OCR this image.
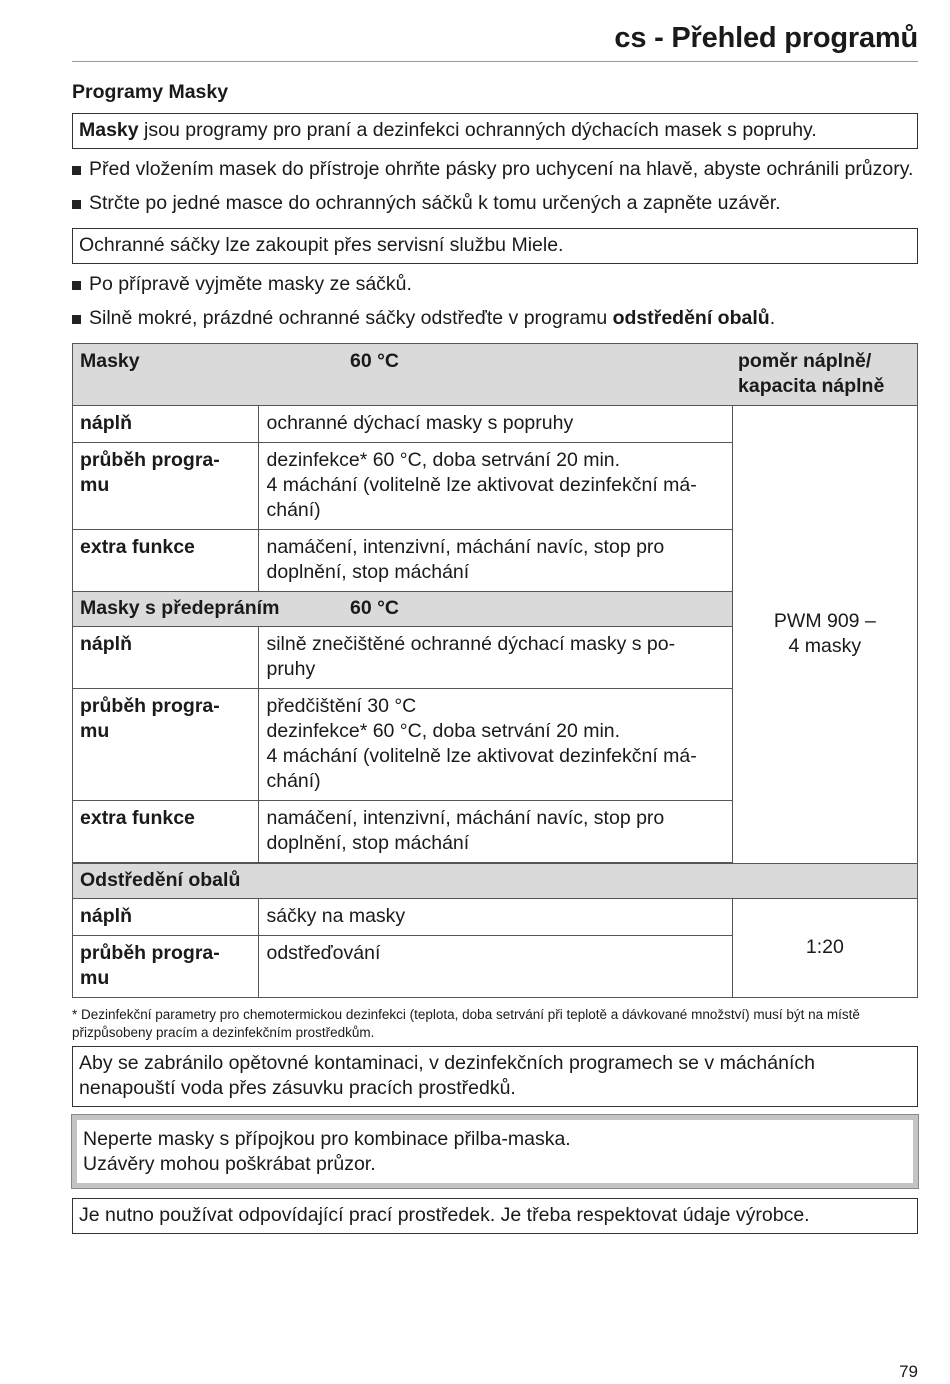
cs - Přehled programů
Programy Masky
Masky jsou programy pro praní a dezinfekci ochranných dýchacích masek s popruhy.
Před vložením masek do přístroje ohrňte pásky pro uchycení na hlavě, abyste ochránili průzory.
Strčte po jedné masce do ochranných sáčků k tomu určených a zapněte uzávěr.
Ochranné sáčky lze zakoupit přes servisní službu Miele.
Po přípravě vyjměte masky ze sáčků.
Silně mokré, prázdné ochranné sáčky odstřeďte v programu odstředění obalů.
Masky 60 °C poměr náplně/
kapacita náplně		

náplň	ochranné dýchací masky s popruhy	PWM 909 –
4 masky
průběh progra-
mu	dezinfekce* 60 °C, doba setrvání 20 min.
4 máchání (volitelně lze aktivovat dezinfekční má-
chání)	
extra funkce	namáčení, intenzivní, máchání navíc, stop pro
doplnění, stop máchání	

Masky s předepráním 60 °C		

náplň	silně znečištěné ochranné dýchací masky s po-
pruhy	
průběh progra-
mu	předčištění 30 °C
dezinfekce* 60 °C, doba setrvání 20 min.
4 máchání (volitelně lze aktivovat dezinfekční má-
chání)	
extra funkce	namáčení, intenzivní, máchání navíc, stop pro
doplnění, stop máchání	

Odstředění obalů		
náplň	sáčky na masky	1:20
průběh progra-
mu	odstřeďování	
* Dezinfekční parametry pro chemotermickou dezinfekci (teplota, doba setrvání při teplotě a dávkované množství) musí být na místě přizpůsobeny pracím a dezinfekčním prostředkům.
Aby se zabránilo opětovné kontaminaci, v dezinfekčních programech se v mácháních nenapouští voda přes zásuvku pracích prostředků.
Neperte masky s přípojkou pro kombinace přilba-maska.
Uzávěry mohou poškrábat průzor.
Je nutno používat odpovídající prací prostředek. Je třeba respektovat údaje výrobce.
79
